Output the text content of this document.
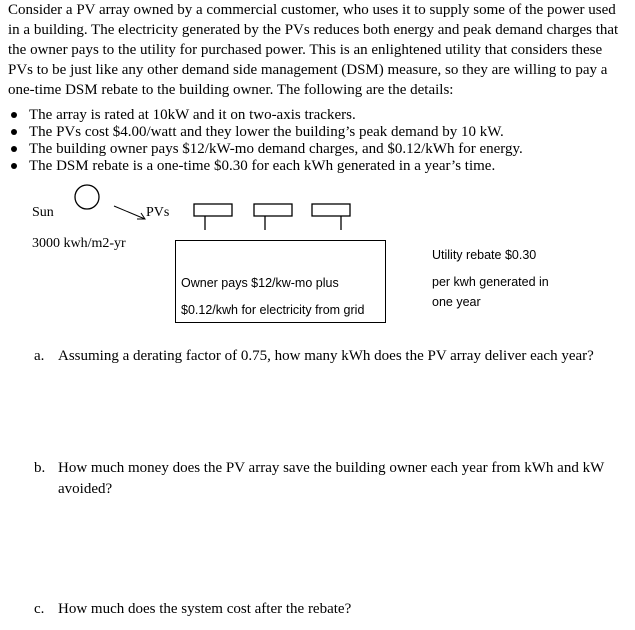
Consider a PV array owned by a commercial customer, who uses it to supply some of the power used in a building. The electricity generated by the PVs reduces both energy and peak demand charges that the owner pays to the utility for purchased power. This is an enlightened utility that considers these PVs to be just like any other demand side management (DSM) measure, so they are willing to pay a one-time DSM rebate to the building owner. The following are the details:

The array is rated at 10kW and it on two-axis trackers.
The PVs cost $4.00/watt and they lower the building’s peak demand by 10 kW.
The building owner pays $12/kW-mo demand charges, and $0.12/kWh for energy.
The DSM rebate is a one-time $0.30 for each kWh generated in a year’s time.
Sun	PVs
3000 kwh/m2-yr
Owner pays $12/kw-mo plus
$0.12/kwh for electricity from grid
Utility rebate $0.30
per kwh generated in
one year
a. Assuming a derating factor of 0.75, how many kWh does the PV array deliver each year?
b. How much money does the PV array save the building owner each year from kWh and kW avoided?
c. How much does the system cost after the rebate?
